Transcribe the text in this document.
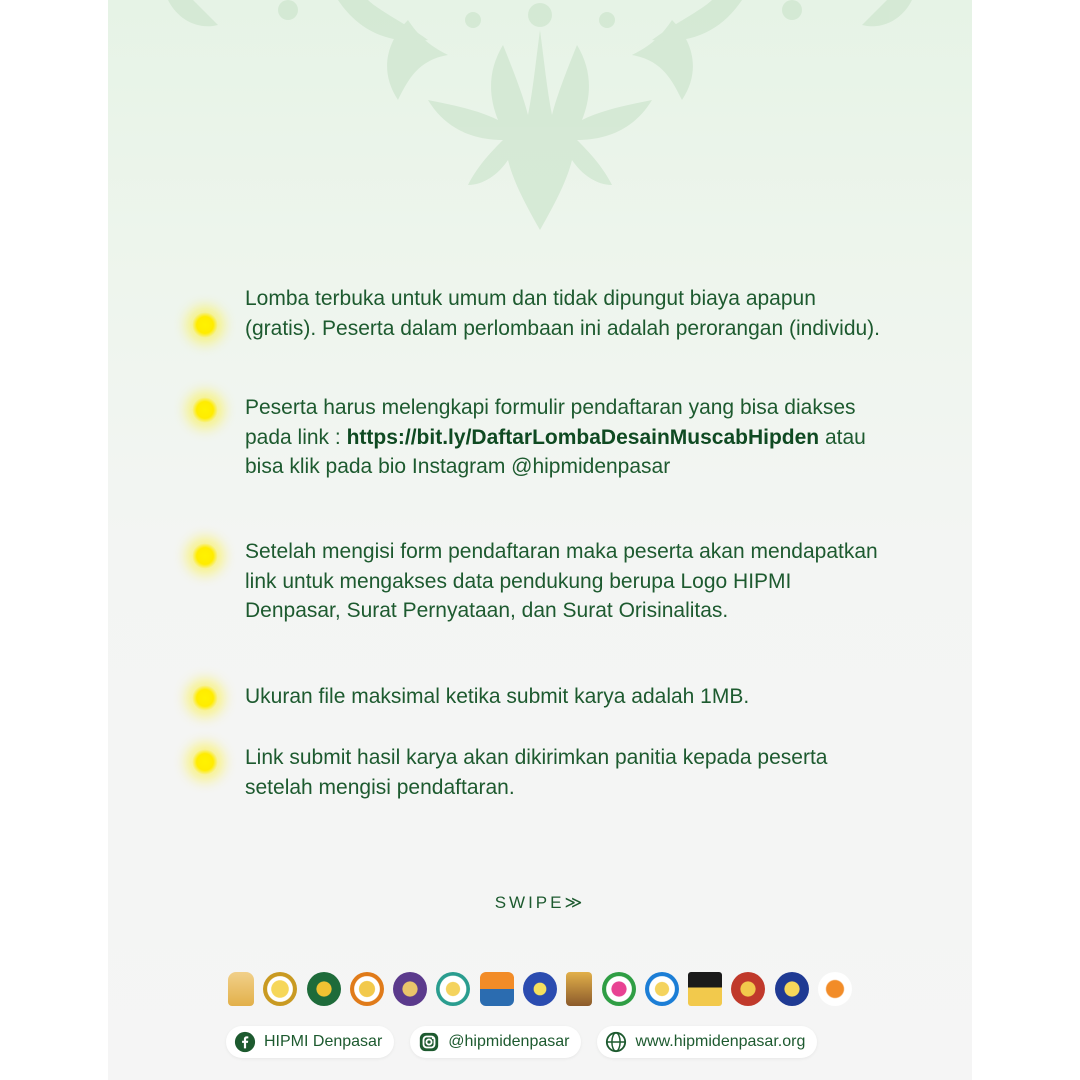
Lomba terbuka untuk umum dan tidak dipungut biaya apapun (gratis). Peserta dalam perlombaan ini adalah perorangan (individu).
Peserta harus melengkapi formulir pendaftaran yang bisa diakses pada link : https://bit.ly/DaftarLombaDesainMuscabHipden atau bisa klik pada bio Instagram @hipmidenpasar
Setelah mengisi form pendaftaran maka peserta akan mendapatkan link untuk mengakses data pendukung berupa Logo HIPMI Denpasar, Surat Pernyataan, dan Surat Orisinalitas.
Ukuran file maksimal ketika submit karya adalah 1MB.
Link submit hasil karya akan dikirimkan panitia kepada peserta setelah mengisi pendaftaran.
SWIPE≫
HIPMI Denpasar	@hipmidenpasar	www.hipmidenpasar.org
